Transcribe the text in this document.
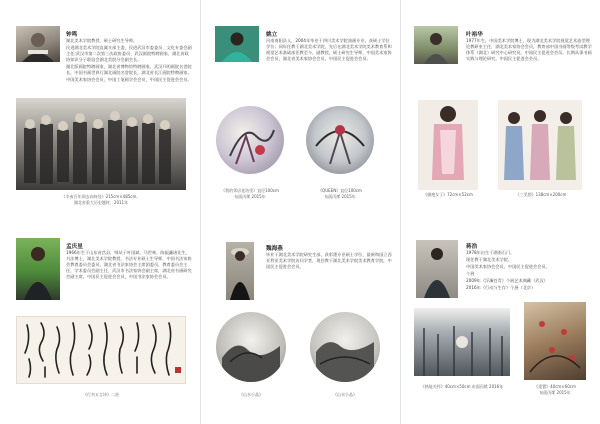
钟鸣

湖北美术学院教授、硕士研究生导师。

民进湖北美术学院直属支部主委，民进武汉市委委员、文化专委会副主任;武汉市第二次第三次政协委员、武汉画院特聘画家、湖北省政协知识分子联谊会湖北美院分会副会长。

湖北版画院特聘画家，湖北省博物馆特聘画家，武汉开明画院名誉院长，中国书画世界行湖北画院名誉院长，湖北省长江画院特聘画家。

中国美术家协会会员，中国工笔画学会会员，中国民主促进会会员。

《辛亥百年即去向何处》215cm×485cm，
湖北省重大历史题材，2011年
姚立

河南南阳县人，2004年毕业于四川美术学院油画专业，获硕士学位学位；同年任教于湖北美术学院，先后在湖北美术学院美术教育系和视觉艺术基础部任教至今，副教授，硕士研究生导师，中国美术家协会会员，湖北省美术家协会会员，中国民主促进会会员。

《我的邻居花坊里》直径100cm
布面丙烯 2015年
《QUEEN》直径100cm
布面丙烯 2015年
叶裕华

1977年生，中国美术学院博士，现为湖北美术学院视觉艺术造型理论教研室主任，湖北美术家协会会员，教育部中国书画等级考试教学体系（湖北）研究中心研究员，中国民主促进会会员。长期从事书画实践与理论研究。中国民主促进会会员。

《旗袍女子》72cm×52cm	《三美图》138cm×200cm
孟庆星

1966年生于山东省莒县，师从于叶国斌、马世林，陈振濂诸先生，书法博士，湖北美术学院教授，书法专业硕士生导师，中国书法家协会教育委员会委员，湖北省书法家协会主席团委员，教育委员会主任，学术委员会副主任，武汉市书法家协会副主席，湖北省书画研究会副主席，中国民主促进会会员，中国书法家协会会员。

《行书五言诗》二首
魏海燕

毕业于湖北美术学院研究生部，获彩墨专业硕士学位，最新和国立西亚利亚美术学院访问学者，现任教于湖北美术学院美术教育学院，中国民主促进会会员。

《山水小品》	《山水小品》
蒋浩

1978年出生于湖南石门。

现任教于湖北美术学院。

中国美术家协会会员，中国民主促进会会员。

个展

2009年《浮澜苍青》个展艺术典藏（武汉）

2016年《行动与生存》个展（北京）

《热能关怀》40cm×50cm 布面丙烯 2016年	《重置》40cm×60cm
布面丙烯 2015年
